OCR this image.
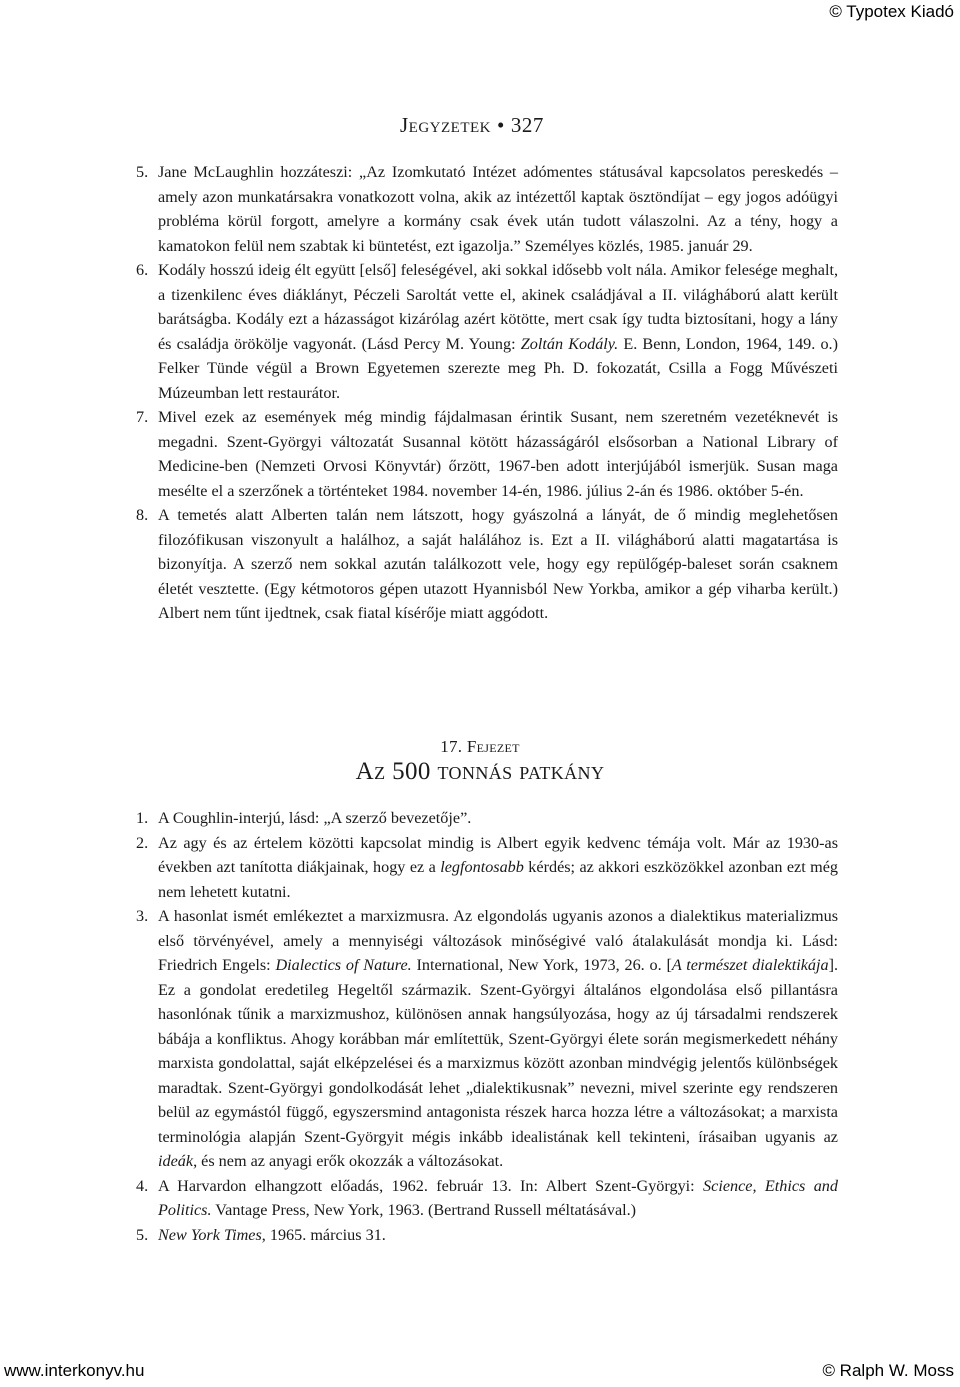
© Typotex Kiadó
Jegyzetek • 327

5. Jane McLaughlin hozzáteszi: „Az Izomkutató Intézet adómentes státusával kapcsolatos pereskedés – amely azon munkatársakra vonatkozott volna, akik az intézettől kaptak ösztöndíjat – egy jogos adóügyi probléma körül forgott, amelyre a kormány csak évek után tudott válaszolni. Az a tény, hogy a kamatokon felül nem szabtak ki büntetést, ezt igazolja.” Személyes közlés, 1985. január 29.

6. Kodály hosszú ideig élt együtt [első] feleségével, aki sokkal idősebb volt nála. Amikor felesége meghalt, a tizenkilenc éves diáklányt, Péczeli Saroltát vette el, akinek családjával a II. világháború alatt került barátságba. Kodály ezt a házasságot kizárólag azért kötötte, mert csak így tudta biztosítani, hogy a lány és családja örökölje vagyonát. (Lásd Percy M. Young: Zoltán Kodály. E. Benn, London, 1964, 149. o.) Felker Tünde végül a Brown Egyetemen szerezte meg Ph. D. fokozatát, Csilla a Fogg Művészeti Múzeumban lett restaurátor.

7. Mivel ezek az események még mindig fájdalmasan érintik Susant, nem szeretném vezetéknevét is megadni. Szent-Györgyi változatát Susannal kötött házasságáról elsősorban a National Library of Medicine-ben (Nemzeti Orvosi Könyvtár) őrzött, 1967-ben adott interjújából ismerjük. Susan maga mesélte el a szerzőnek a történteket 1984. november 14-én, 1986. július 2-án és 1986. október 5-én.

8. A temetés alatt Alberten talán nem látszott, hogy gyászolná a lányát, de ő mindig meglehetősen filozófikusan viszonyult a halálhoz, a saját halálához is. Ezt a II. világháború alatti magatartása is bizonyítja. A szerző nem sokkal azután találkozott vele, hogy egy repülőgép-baleset során csaknem életét vesztette. (Egy kétmotoros gépen utazott Hyannisból New Yorkba, amikor a gép viharba került.) Albert nem tűnt ijedtnek, csak fiatal kísérője miatt aggódott.

17. Fejezet
Az 500 tonnás patkány

1. A Coughlin-interjú, lásd: „A szerző bevezetője”.

2. Az agy és az értelem közötti kapcsolat mindig is Albert egyik kedvenc témája volt. Már az 1930-as években azt tanította diákjainak, hogy ez a legfontosabb kérdés; az akkori eszközökkel azonban ezt még nem lehetett kutatni.

3. A hasonlat ismét emlékeztet a marxizmusra. Az elgondolás ugyanis azonos a dialektikus materializmus első törvényével, amely a mennyiségi változások minőségivé való átalakulását mondja ki. Lásd: Friedrich Engels: Dialectics of Nature. International, New York, 1973, 26. o. [A természet dialektikája]. Ez a gondolat eredetileg Hegeltől származik. Szent-Györgyi általános elgondolása első pillantásra hasonlónak tűnik a marxizmushoz, különösen annak hangsúlyozása, hogy az új társadalmi rendszerek bábája a konfliktus. Ahogy korábban már említettük, Szent-Györgyi élete során megismerkedett néhány marxista gondolattal, saját elképzelései és a marxizmus között azonban mindvégig jelentős különbségek maradtak. Szent-Györgyi gondolkodását lehet „dialektikusnak” nevezni, mivel szerinte egy rendszeren belül az egymástól függő, egyszersmind antagonista részek harca hozza létre a változásokat; a marxista terminológia alapján Szent-Györgyit mégis inkább idealistának kell tekinteni, írásaiban ugyanis az ideák, és nem az anyagi erők okozzák a változásokat.

4. A Harvardon elhangzott előadás, 1962. február 13. In: Albert Szent-Györgyi: Science, Ethics and Politics. Vantage Press, New York, 1963. (Bertrand Russell méltatásával.)

5. New York Times, 1965. március 31.

www.interkonyv.hu	© Ralph W. Moss
